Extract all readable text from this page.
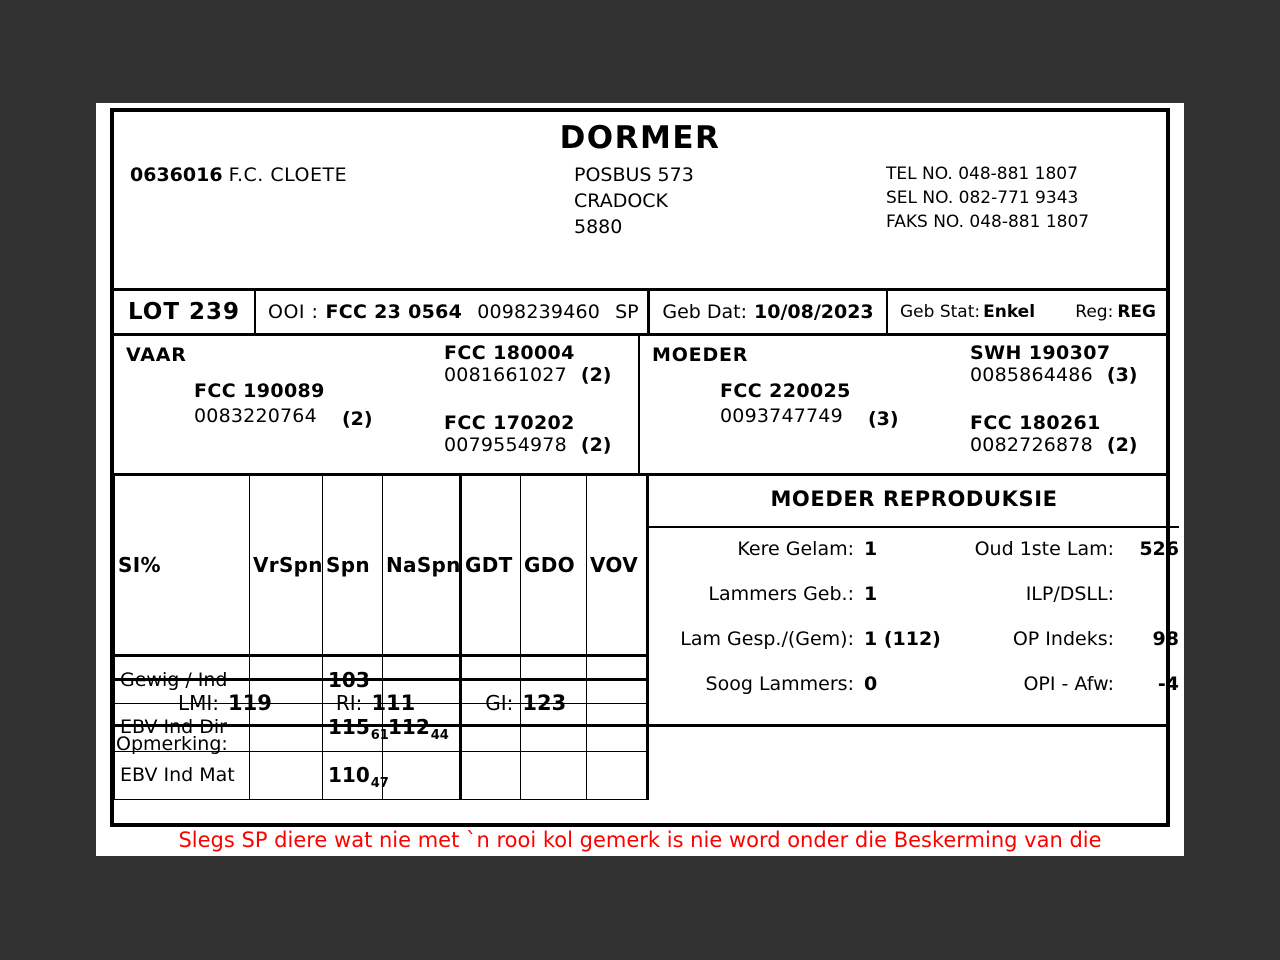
DORMER
0636016 F.C. CLOETE	POSBUS 573
CRADOCK
5880
TEL NO. 048-881 1807
SEL NO. 082-771 9343
FAKS NO. 048-881 1807
LOT 239	OOI : FCC 23 0564 0098239460 SP Geb Dat: 10/08/2023 Geb Stat: Enkel Reg: REG
VAAR
FCC 190089
0083220764	(2)
FCC 180004
0081661027 (2)
FCC 170202
0079554978 (2)
MOEDER
FCC 220025
0093747749	(3)
SWH 190307
0085864486 (3)
FCC 180261
0082726878 (2)
SI%	VrSpn	Spn	NaSpn	GDT	GDO	VOV
Gewig / Ind		103				
EBV Ind Dir		$115_{61}$	$112_{44}$			
EBV Ind Mat		$110_{47}$				
LMI: 119	RI: 111	GI: 123
MOEDER REPRODUKSIE
Kere Gelam: 1	Oud 1ste Lam:	526
Lammers Geb.: 1	ILP/DSLL:
Lam Gesp./(Gem): 1 (112)	OP Indeks:	98
Soog Lammers: 0	OPI - Afw:	-4
Opmerking:
Slegs SP diere wat nie met `n rooi kol gemerk is nie word onder die Beskerming van die
